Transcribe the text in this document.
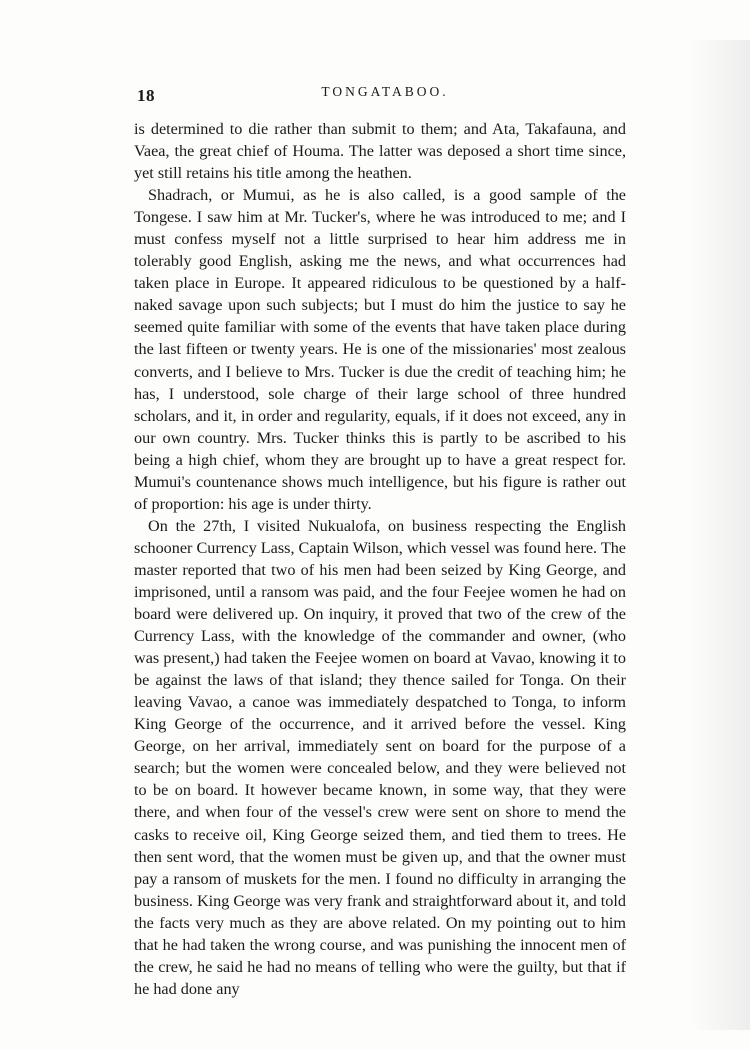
18	TONGATABOO.

is determined to die rather than submit to them; and Ata, Takafauna, and Vaea, the great chief of Houma. The latter was deposed a short time since, yet still retains his title among the heathen.

Shadrach, or Mumui, as he is also called, is a good sample of the Tongese. I saw him at Mr. Tucker's, where he was introduced to me; and I must confess myself not a little surprised to hear him address me in tolerably good English, asking me the news, and what occurrences had taken place in Europe. It appeared ridiculous to be questioned by a half-naked savage upon such subjects; but I must do him the justice to say he seemed quite familiar with some of the events that have taken place during the last fifteen or twenty years. He is one of the missionaries' most zealous converts, and I believe to Mrs. Tucker is due the credit of teaching him; he has, I understood, sole charge of their large school of three hundred scholars, and it, in order and regularity, equals, if it does not exceed, any in our own country. Mrs. Tucker thinks this is partly to be ascribed to his being a high chief, whom they are brought up to have a great respect for. Mumui's countenance shows much intelligence, but his figure is rather out of proportion: his age is under thirty.

On the 27th, I visited Nukualofa, on business respecting the English schooner Currency Lass, Captain Wilson, which vessel was found here. The master reported that two of his men had been seized by King George, and imprisoned, until a ransom was paid, and the four Feejee women he had on board were delivered up. On inquiry, it proved that two of the crew of the Currency Lass, with the knowledge of the commander and owner, (who was present,) had taken the Feejee women on board at Vavao, knowing it to be against the laws of that island; they thence sailed for Tonga. On their leaving Vavao, a canoe was immediately despatched to Tonga, to inform King George of the occurrence, and it arrived before the vessel. King George, on her arrival, immediately sent on board for the purpose of a search; but the women were concealed below, and they were believed not to be on board. It however became known, in some way, that they were there, and when four of the vessel's crew were sent on shore to mend the casks to receive oil, King George seized them, and tied them to trees. He then sent word, that the women must be given up, and that the owner must pay a ransom of muskets for the men. I found no difficulty in arranging the business. King George was very frank and straightforward about it, and told the facts very much as they are above related. On my pointing out to him that he had taken the wrong course, and was punishing the innocent men of the crew, he said he had no means of telling who were the guilty, but that if he had done any
